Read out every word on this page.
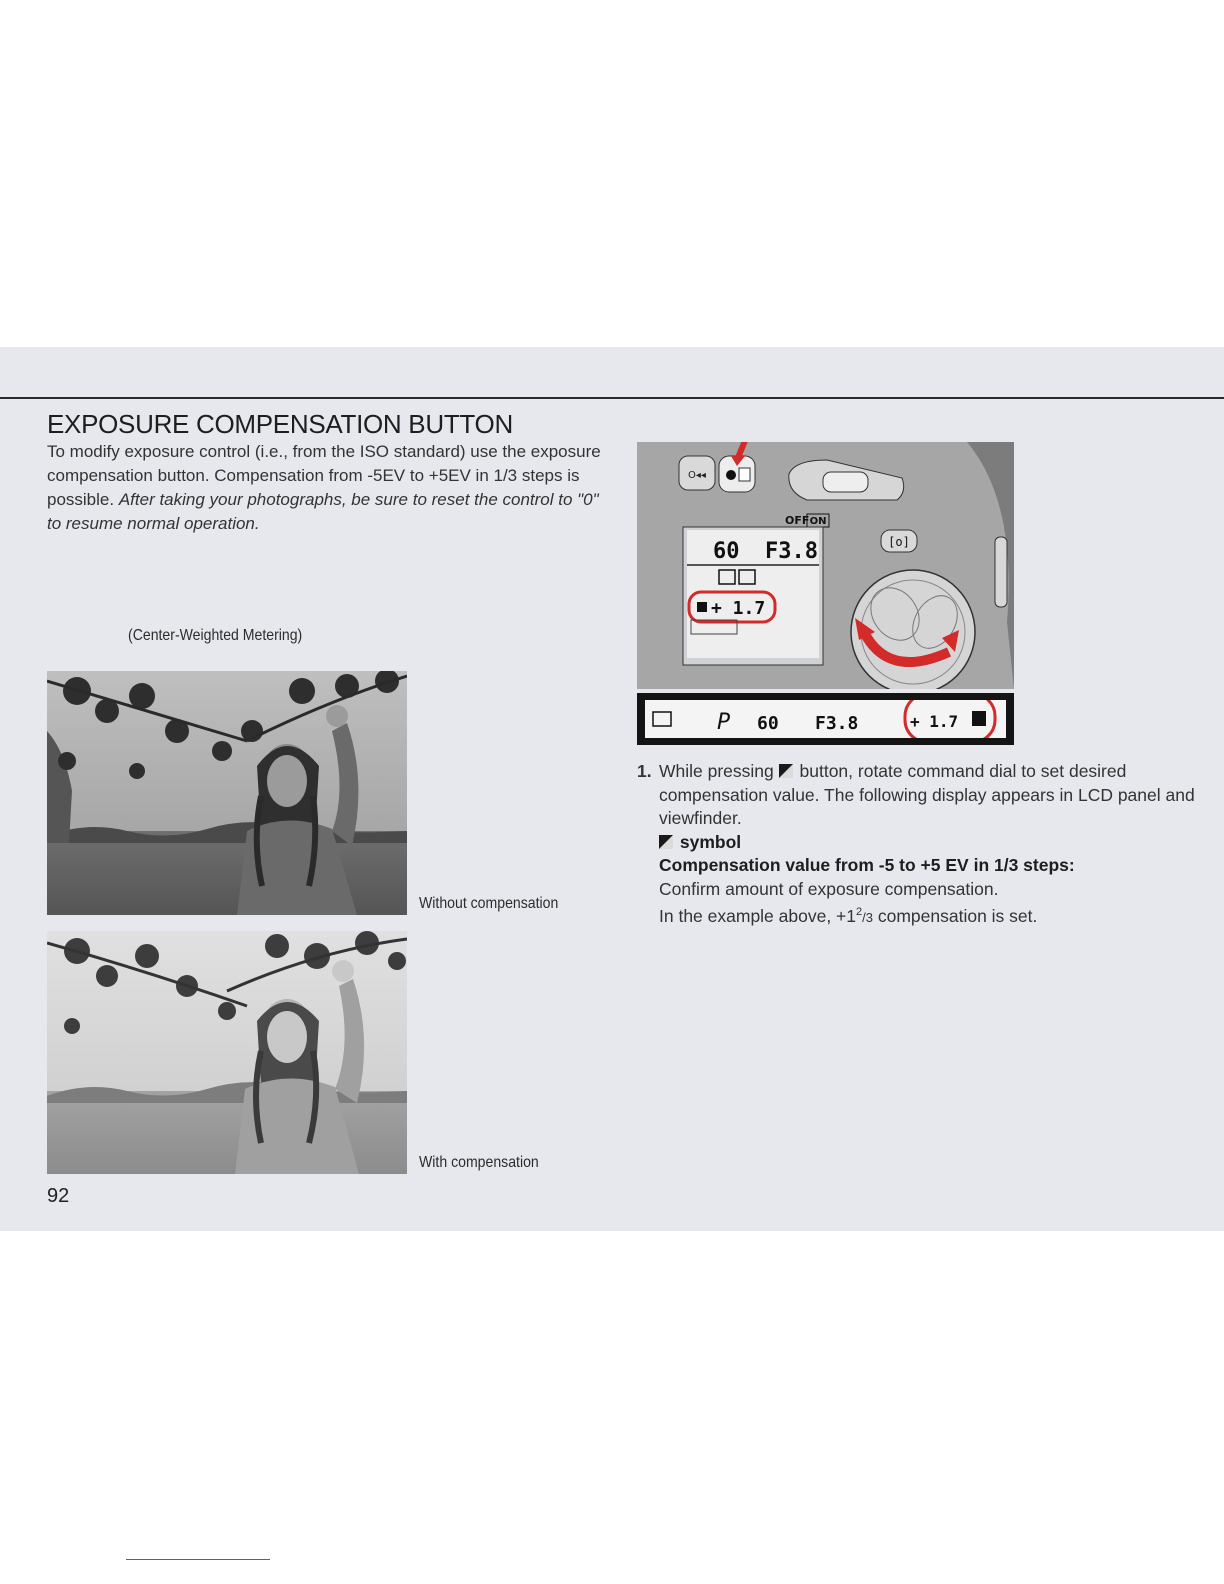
EXPOSURE COMPENSATION BUTTON

To modify exposure control (i.e., from the ISO standard) use the exposure compensation button. Compensation from -5EV to +5EV in 1/3 steps is possible. After taking your photographs, be sure to reset the control to "0" to resume normal operation.

(Center-Weighted Metering)
Without compensation
With compensation
92
O◂◂
OFF ON
[o]
60 F3.8
+ 1.7
P 60 F3.8	+ 1.7
1. While pressing  button, rotate command dial to set desired compensation value. The following display appears in LCD panel and viewfinder.
symbol
Compensation value from -5 to +5 EV in 1/3 steps:
Confirm amount of exposure compensation.
In the example above, $+1^2/3$ compensation is set.
